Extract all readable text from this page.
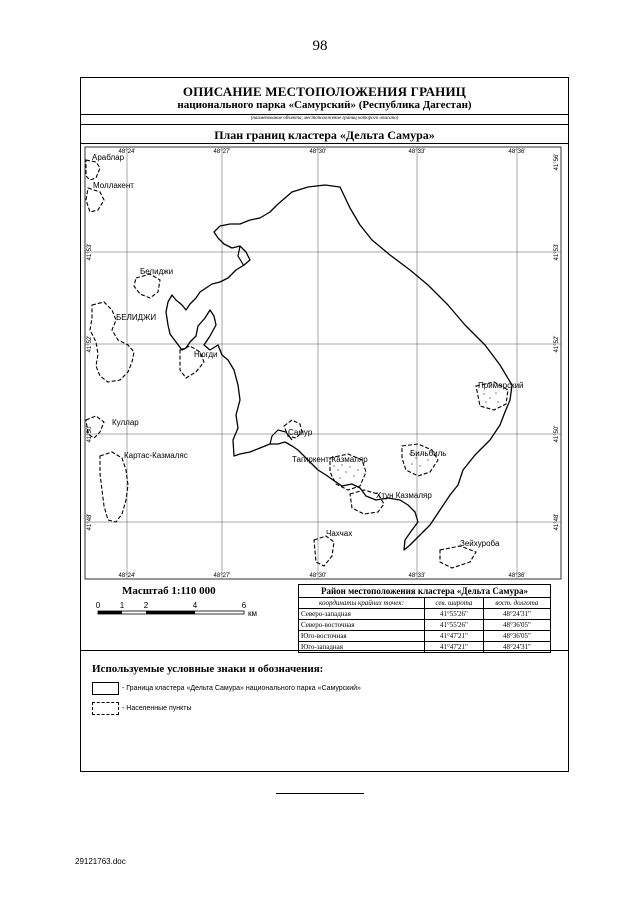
98
ОПИСАНИЕ МЕСТОПОЛОЖЕНИЯ ГРАНИЦ
национального парка «Самурский» (Республика Дагестан)
(наименование объекта, местоположение границ которого описано)
План границ кластера «Дельта Самура»
48°24'	48°27'	48°30'	48°33'	48°36'
48°24'	48°27'	48°30'	48°33'	48°36'
41°56'
41°53'
41°52'
41°50'
41°48'
41°53'
41°52'
41°50'
41°48'
Араблар
Моллакент
Белиджи
БЕЛИДЖИ
Нюгди
Куллар
Картас-Казмаляс
Самур
Тагиркент-Казмаляр
Бильбиль
Хтун Казмаляр
Чахчах
Зейхуроба
Приморский
Масштаб 1:110 000
0 1 2	4	6
км
Район местоположения кластера «Дельта Самура»
координаты крайних точек:	сев. широта	вост. долгота
Северо-западная	41°55'26"	48°24'31"
Северо-восточная	41°55'26"	48°36'05"
Юго-восточная	41°47'21"	48°36'05"
Юго-западная	41°47'21"	48°24'31"
Используемые условные знаки и обозначения:
- Граница кластера «Дельта Самура» национального парка «Самурский»
- Населенные пункты
29121763.doc
